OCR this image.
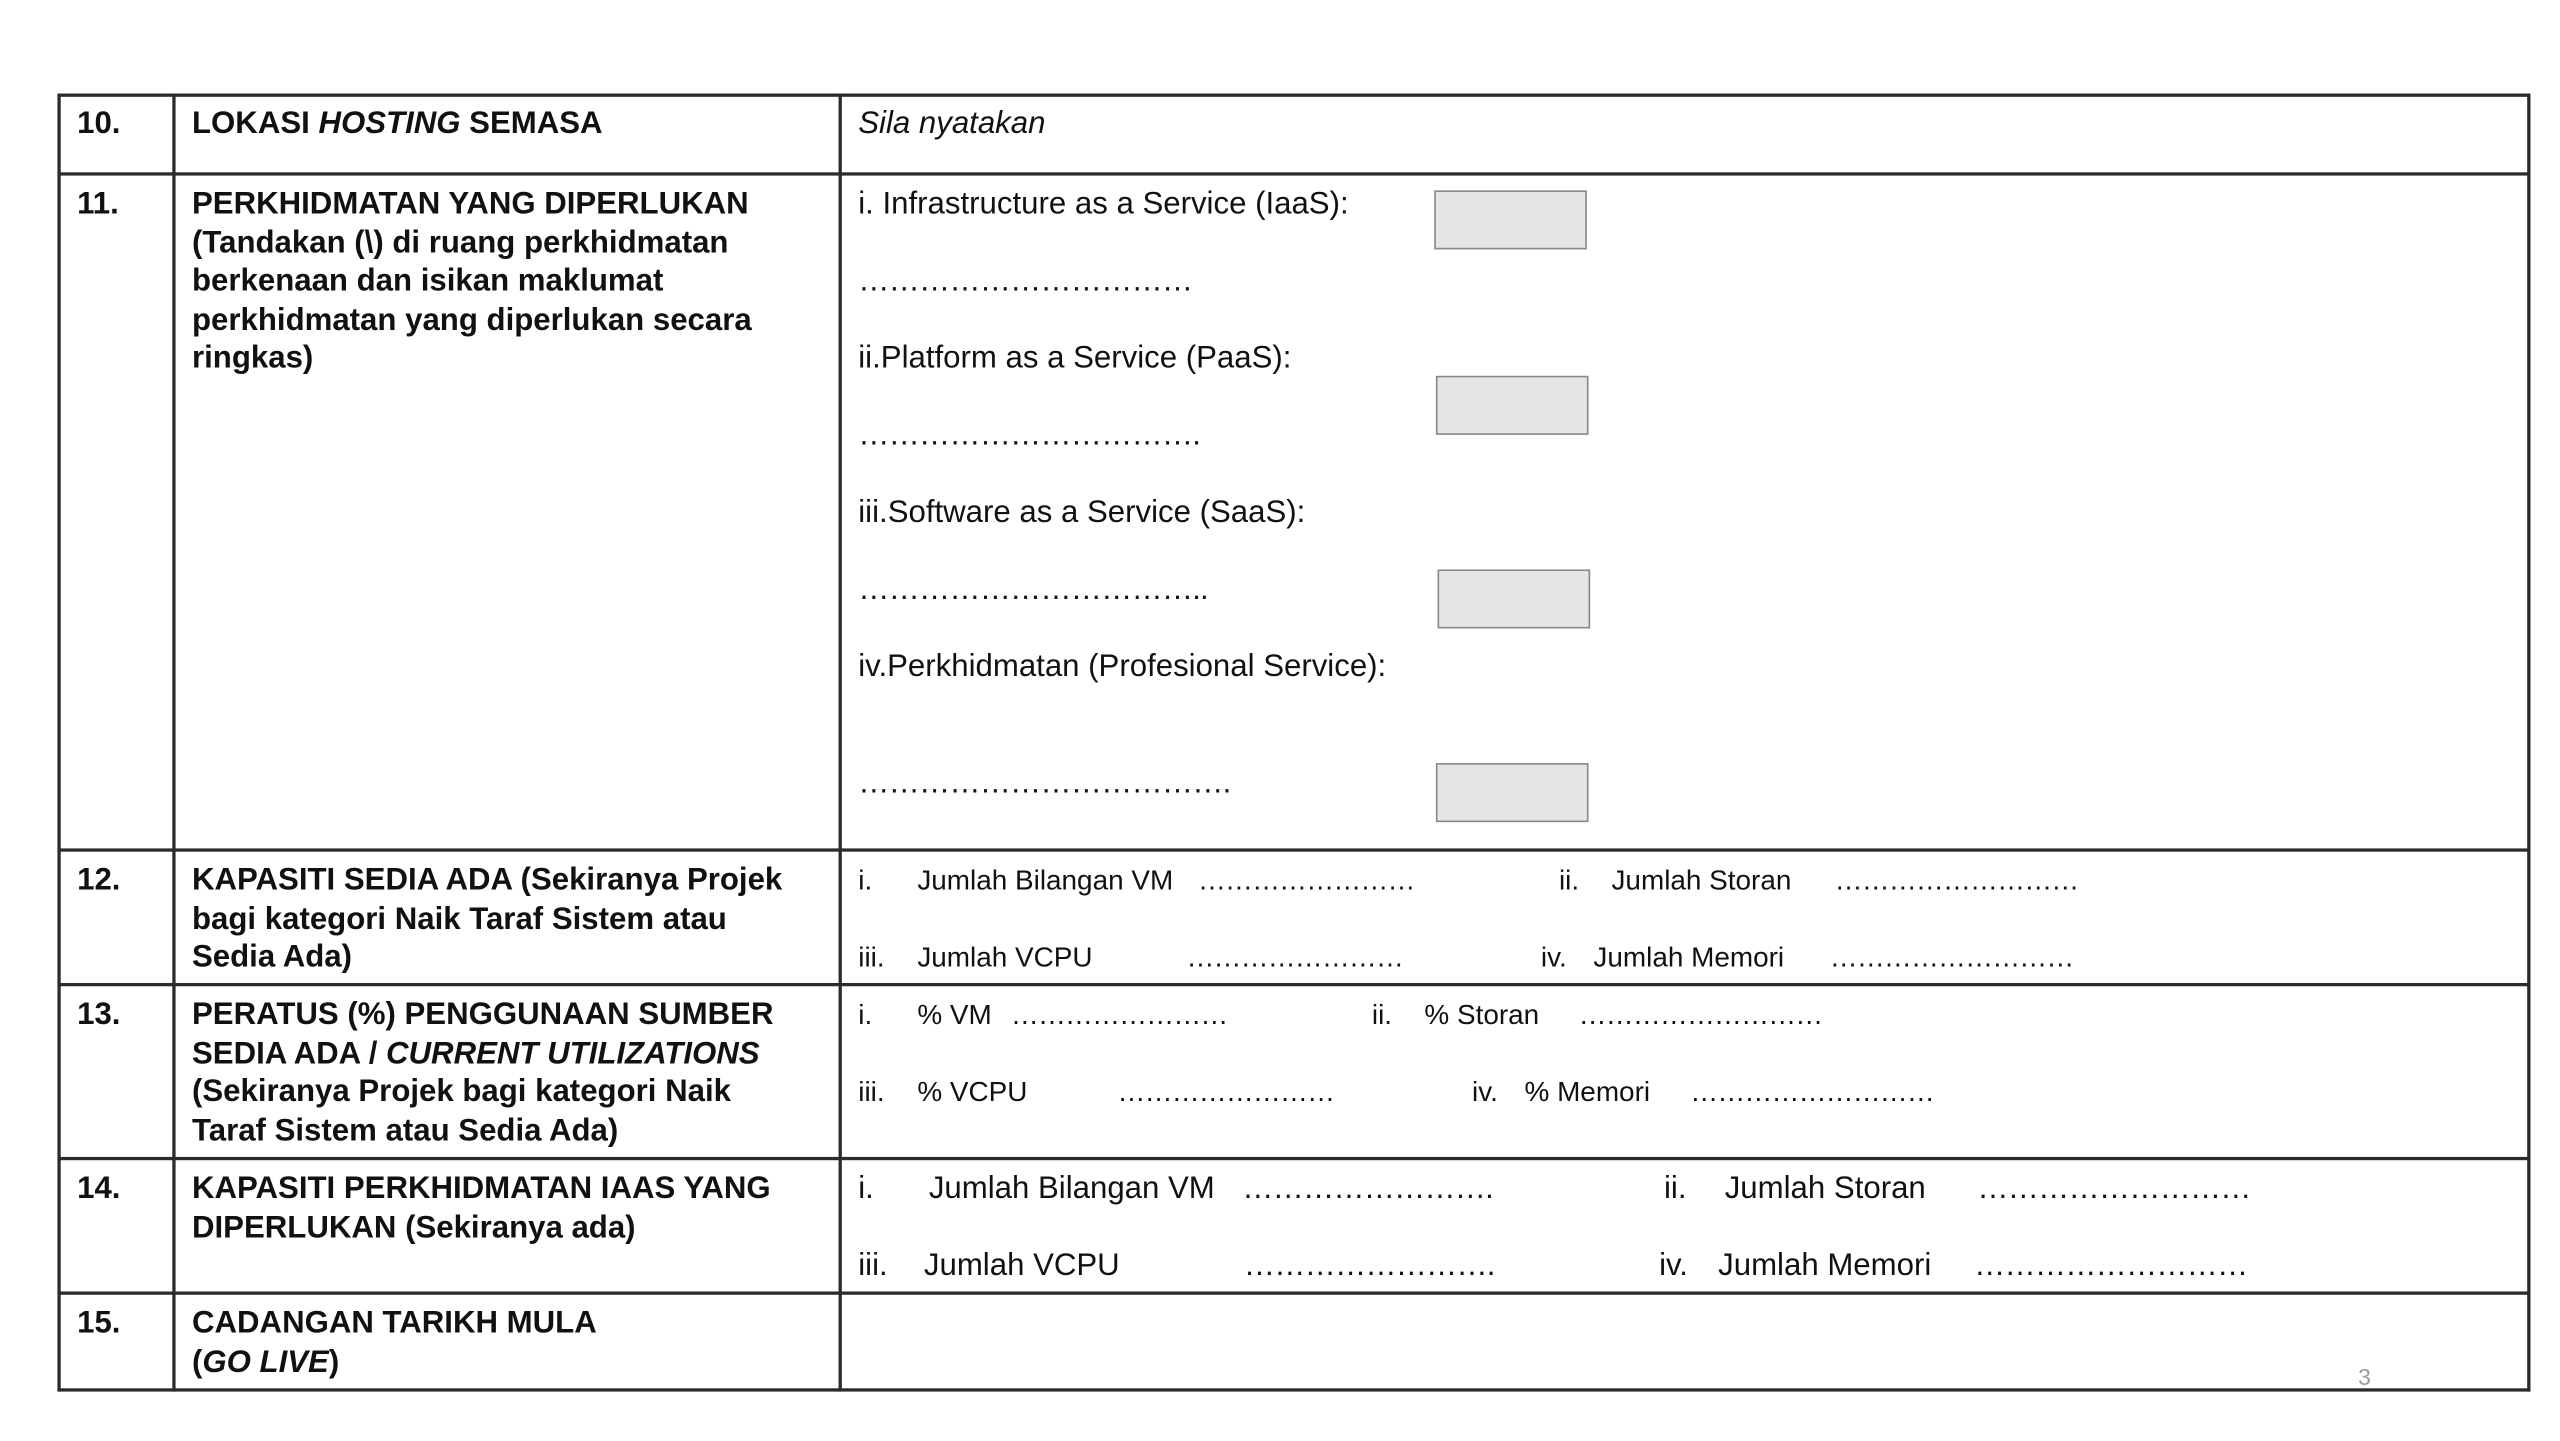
10.	LOKASI HOSTING SEMASA	Sila nyatakan
11.	PERKHIDMATAN YANG DIPERLUKAN
(Tandakan (\) di ruang perkhidmatan
berkenaan dan isikan maklumat
perkhidmatan yang diperlukan secara
ringkas)
i. Infrastructure as a Service (IaaS):
……………………………
ii.Platform as a Service (PaaS):
…………………………….
iii.Software as a Service (SaaS):
……………………………..
iv.Perkhidmatan (Profesional Service):
……………………………….
12.	KAPASITI SEDIA ADA (Sekiranya Projek
bagi kategori Naik Taraf Sistem atau
Sedia Ada)
i.	Jumlah Bilangan VM ……………………	ii. Jumlah Storan	………………………
iii. Jumlah VCPU	……………………	iv. Jumlah Memori	………………………
13.	PERATUS (%) PENGGUNAAN SUMBER
SEDIA ADA / CURRENT UTILIZATIONS
(Sekiranya Projek bagi kategori Naik
Taraf Sistem atau Sedia Ada)
i.	% VM ……………………	ii. % Storan ………………………
iii. % VCPU	……………………	iv. % Memori ………………………
14.	KAPASITI PERKHIDMATAN IAAS YANG
DIPERLUKAN (Sekiranya ada)
i.	Jumlah Bilangan VM …………………….	ii. Jumlah Storan	………………………
iii. Jumlah VCPU	…………………….	iv. Jumlah Memori ………………………
15.	CADANGAN TARIKH MULA
(GO LIVE)	3
